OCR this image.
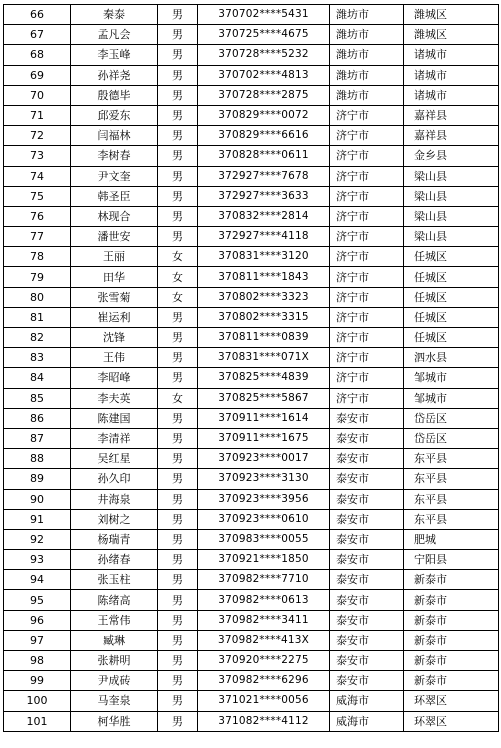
66	秦泰	男	370702****5431	潍坊市	潍城区
67	孟凡会	男	370725****4675	潍坊市	潍城区
68	李玉峰	男	370728****5232	潍坊市	诸城市
69	孙祥尧	男	370702****4813	潍坊市	诸城市
70	殷德毕	男	370728****2875	潍坊市	诸城市
71	邱爱东	男	370829****0072	济宁市	嘉祥县
72	闫福林	男	370829****6616	济宁市	嘉祥县
73	李树春	男	370828****0611	济宁市	金乡县
74	尹文奎	男	372927****7678	济宁市	梁山县
75	韩圣臣	男	372927****3633	济宁市	梁山县
76	林现合	男	370832****2814	济宁市	梁山县
77	潘世安	男	372927****4118	济宁市	梁山县
78	王丽	女	370831****3120	济宁市	任城区
79	田华	女	370811****1843	济宁市	任城区
80	张雪菊	女	370802****3323	济宁市	任城区
81	崔运利	男	370802****3315	济宁市	任城区
82	沈锋	男	370811****0839	济宁市	任城区
83	王伟	男	370831****071X	济宁市	泗水县
84	李昭峰	男	370825****4839	济宁市	邹城市
85	李夫英	女	370825****5867	济宁市	邹城市
86	陈建国	男	370911****1614	泰安市	岱岳区
87	李清祥	男	370911****1675	泰安市	岱岳区
88	吴红星	男	370923****0017	泰安市	东平县
89	孙久印	男	370923****3130	泰安市	东平县
90	井海泉	男	370923****3956	泰安市	东平县
91	刘树之	男	370923****0610	泰安市	东平县
92	杨瑞青	男	370983****0055	泰安市	肥城
93	孙绪春	男	370921****1850	泰安市	宁阳县
94	张玉柱	男	370982****7710	泰安市	新泰市
95	陈绪高	男	370982****0613	泰安市	新泰市
96	王常伟	男	370982****3411	泰安市	新泰市
97	臧琳	男	370982****413X	泰安市	新泰市
98	张耕明	男	370920****2275	泰安市	新泰市
99	尹成砖	男	370982****6296	泰安市	新泰市
100	马奎泉	男	371021****0056	威海市	环翠区
101	柯华胜	男	371082****4112	威海市	环翠区
